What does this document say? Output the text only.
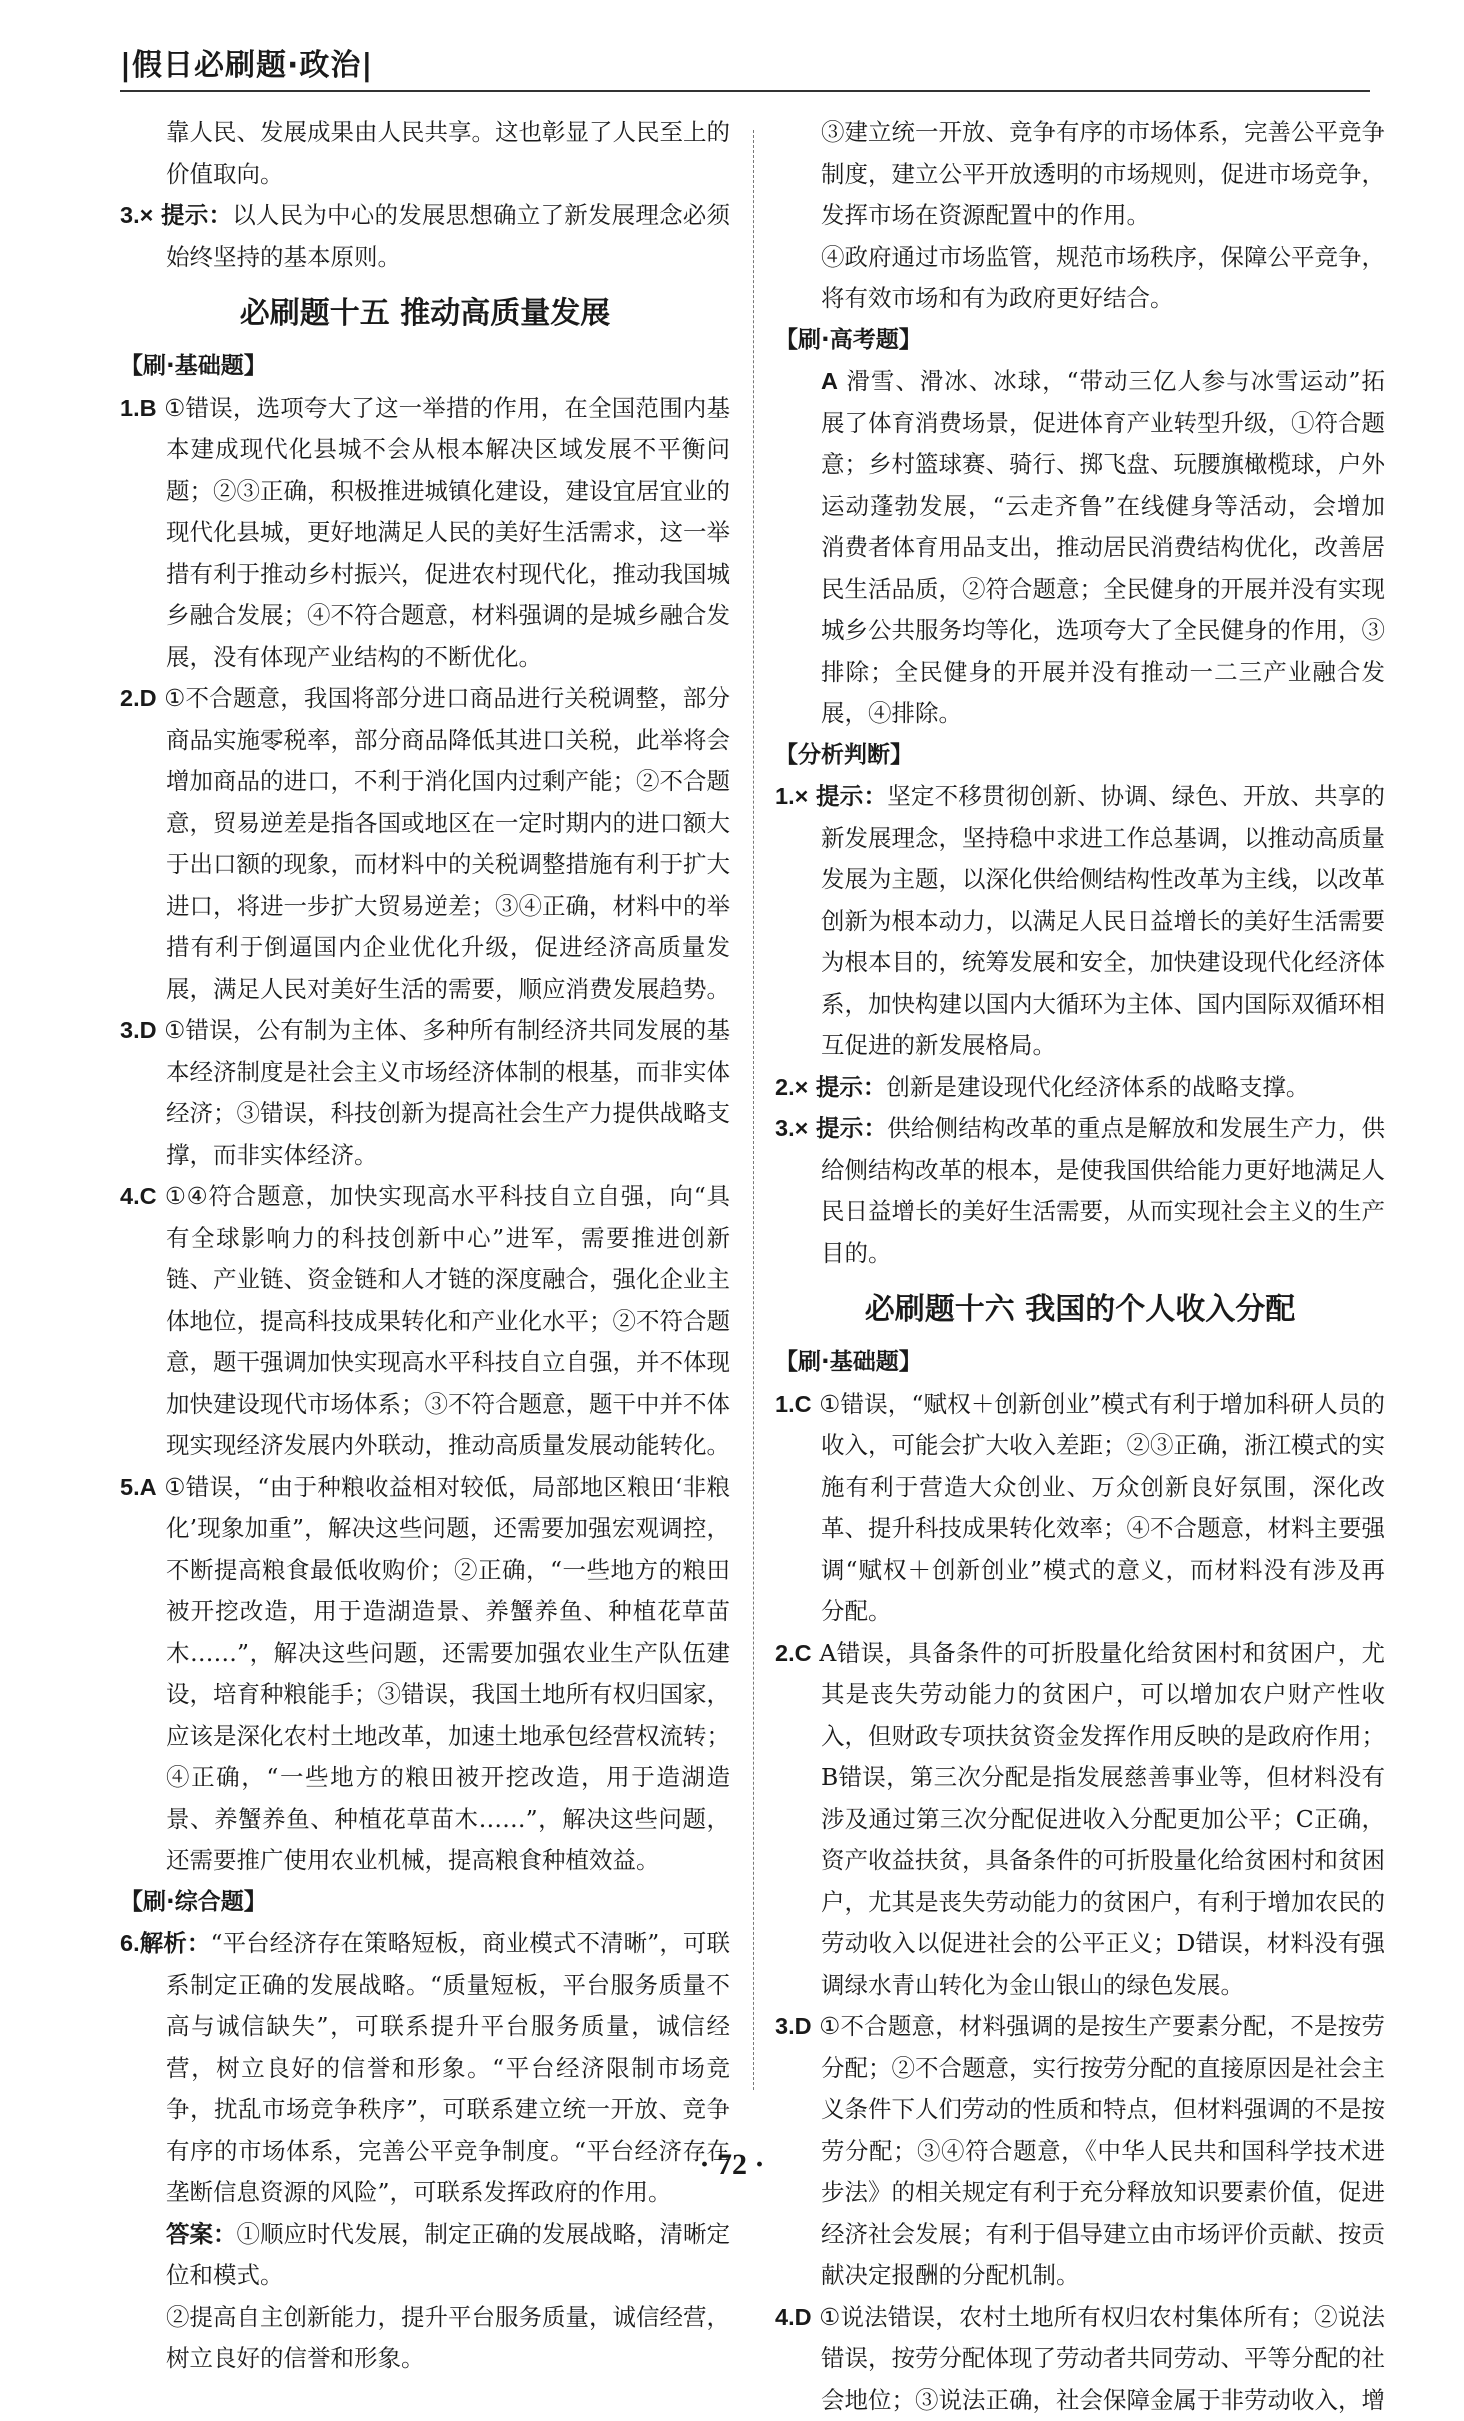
|假日必刷题·政治|

靠人民、发展成果由人民共享。这也彰显了人民至上的

价值取向。

3.× 提示：以人民为中心的发展思想确立了新发展理念必须始终坚持的基本原则。

必刷题十五 推动高质量发展
【刷·基础题】

1.B ①错误，选项夸大了这一举措的作用，在全国范围内基本建成现代化县城不会从根本解决区域发展不平衡问题；②③正确，积极推进城镇化建设，建设宜居宜业的现代化县城，更好地满足人民的美好生活需求，这一举措有利于推动乡村振兴，促进农村现代化，推动我国城乡融合发展；④不符合题意，材料强调的是城乡融合发展，没有体现产业结构的不断优化。

2.D ①不合题意，我国将部分进口商品进行关税调整，部分商品实施零税率，部分商品降低其进口关税，此举将会增加商品的进口，不利于消化国内过剩产能；②不合题意，贸易逆差是指各国或地区在一定时期内的进口额大于出口额的现象，而材料中的关税调整措施有利于扩大进口，将进一步扩大贸易逆差；③④正确，材料中的举措有利于倒逼国内企业优化升级，促进经济高质量发展，满足人民对美好生活的需要，顺应消费发展趋势。

3.D ①错误，公有制为主体、多种所有制经济共同发展的基本经济制度是社会主义市场经济体制的根基，而非实体经济；③错误，科技创新为提高社会生产力提供战略支撑，而非实体经济。

4.C ①④符合题意，加快实现高水平科技自立自强，向“具有全球影响力的科技创新中心”进军，需要推进创新链、产业链、资金链和人才链的深度融合，强化企业主体地位，提高科技成果转化和产业化水平；②不符合题意，题干强调加快实现高水平科技自立自强，并不体现加快建设现代市场体系；③不符合题意，题干中并不体现实现经济发展内外联动，推动高质量发展动能转化。

5.A ①错误，“由于种粮收益相对较低，局部地区粮田‘非粮化’现象加重”，解决这些问题，还需要加强宏观调控，不断提高粮食最低收购价；②正确，“一些地方的粮田被开挖改造，用于造湖造景、养蟹养鱼、种植花草苗木……”，解决这些问题，还需要加强农业生产队伍建设，培育种粮能手；③错误，我国土地所有权归国家，应该是深化农村土地改革，加速土地承包经营权流转；④正确，“一些地方的粮田被开挖改造，用于造湖造景、养蟹养鱼、种植花草苗木……”，解决这些问题，还需要推广使用农业机械，提高粮食种植效益。

【刷·综合题】

6.解析：“平台经济存在策略短板，商业模式不清晰”，可联系制定正确的发展战略。“质量短板，平台服务质量不高与诚信缺失”，可联系提升平台服务质量，诚信经营，树立良好的信誉和形象。“平台经济限制市场竞争，扰乱市场竞争秩序”，可联系建立统一开放、竞争有序的市场体系，完善公平竞争制度。“平台经济存在垄断信息资源的风险”，可联系发挥政府的作用。

答案：①顺应时代发展，制定正确的发展战略，清晰定位和模式。

②提高自主创新能力，提升平台服务质量，诚信经营，树立良好的信誉和形象。

③建立统一开放、竞争有序的市场体系，完善公平竞争制度，建立公平开放透明的市场规则，促进市场竞争，发挥市场在资源配置中的作用。

④政府通过市场监管，规范市场秩序，保障公平竞争，将有效市场和有为政府更好结合。

【刷·高考题】

A 滑雪、滑冰、冰球，“带动三亿人参与冰雪运动”拓展了体育消费场景，促进体育产业转型升级，①符合题意；乡村篮球赛、骑行、掷飞盘、玩腰旗橄榄球，户外运动蓬勃发展，“云走齐鲁”在线健身等活动，会增加消费者体育用品支出，推动居民消费结构优化，改善居民生活品质，②符合题意；全民健身的开展并没有实现城乡公共服务均等化，选项夸大了全民健身的作用，③排除；全民健身的开展并没有推动一二三产业融合发展，④排除。

【分析判断】

1.× 提示：坚定不移贯彻创新、协调、绿色、开放、共享的新发展理念，坚持稳中求进工作总基调，以推动高质量发展为主题，以深化供给侧结构性改革为主线，以改革创新为根本动力，以满足人民日益增长的美好生活需要为根本目的，统筹发展和安全，加快建设现代化经济体系，加快构建以国内大循环为主体、国内国际双循环相互促进的新发展格局。

2.× 提示：创新是建设现代化经济体系的战略支撑。

3.× 提示：供给侧结构改革的重点是解放和发展生产力，供给侧结构改革的根本，是使我国供给能力更好地满足人民日益增长的美好生活需要，从而实现社会主义的生产目的。

必刷题十六 我国的个人收入分配
【刷·基础题】

1.C ①错误，“赋权＋创新创业”模式有利于增加科研人员的收入，可能会扩大收入差距；②③正确，浙江模式的实施有利于营造大众创业、万众创新良好氛围，深化改革、提升科技成果转化效率；④不合题意，材料主要强调“赋权＋创新创业”模式的意义，而材料没有涉及再分配。

2.C A错误，具备条件的可折股量化给贫困村和贫困户，尤其是丧失劳动能力的贫困户，可以增加农户财产性收入，但财政专项扶贫资金发挥作用反映的是政府作用；B错误，第三次分配是指发展慈善事业等，但材料没有涉及通过第三次分配促进收入分配更加公平；C正确，资产收益扶贫，具备条件的可折股量化给贫困村和贫困户，尤其是丧失劳动能力的贫困户，有利于增加农民的劳动收入以促进社会的公平正义；D错误，材料没有强调绿水青山转化为金山银山的绿色发展。

3.D ①不合题意，材料强调的是按生产要素分配，不是按劳分配；②不合题意，实行按劳分配的直接原因是社会主义条件下人们劳动的性质和特点，但材料强调的不是按劳分配；③④符合题意，《中华人民共和国科学技术进步法》的相关规定有利于充分释放知识要素价值，促进经济社会发展；有利于倡导建立由市场评价贡献、按贡献决定报酬的分配机制。

4.D ①说法错误，农村土地所有权归农村集体所有；②说法错误，按劳分配体现了劳动者共同劳动、平等分配的社会地位；③说法正确，社会保障金属于非劳动收入，增

· 72 ·
